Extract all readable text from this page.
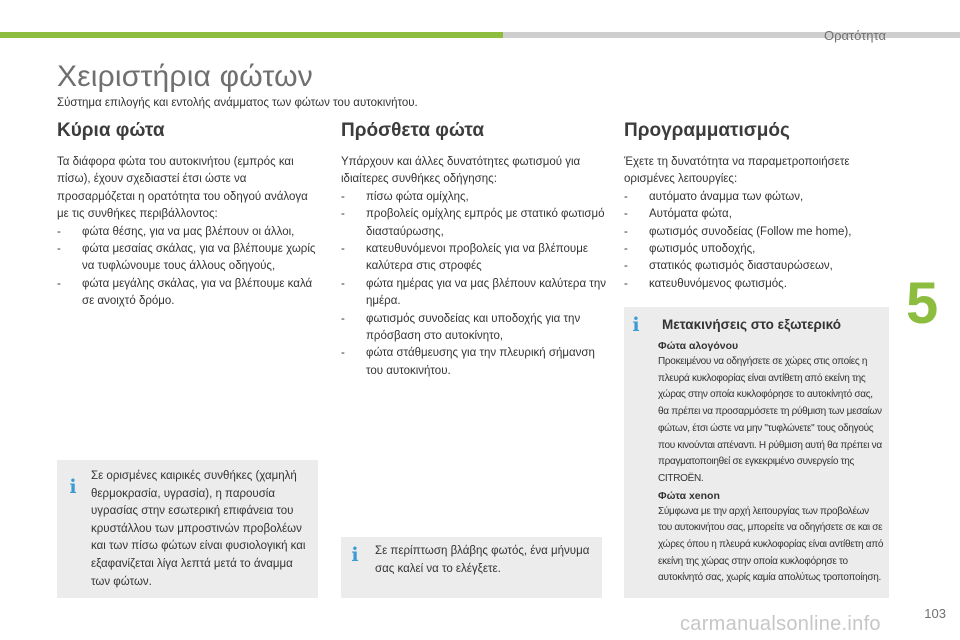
Ορατότητα
5
Χειριστήρια φώτων
Σύστημα επιλογής και εντολής ανάμματος των φώτων του αυτοκινήτου.
Κύρια φώτα

Τα διάφορα φώτα του αυτοκινήτου (εμπρός και πίσω), έχουν σχεδιαστεί έτσι ώστε να προσαρμόζεται η ορατότητα του οδηγού ανάλογα με τις συνθήκες περιβάλλοντος:

- φώτα θέσης, για να μας βλέπουν οι άλλοι,
- φώτα μεσαίας σκάλας, για να βλέπουμε χωρίς να τυφλώνουμε τους άλλους οδηγούς,
- φώτα μεγάλης σκάλας, για να βλέπουμε καλά σε ανοιχτό δρόμο.
Πρόσθετα φώτα

Υπάρχουν και άλλες δυνατότητες φωτισμού για ιδιαίτερες συνθήκες οδήγησης:

- πίσω φώτα ομίχλης,
- προβολείς ομίχλης εμπρός με στατικό φωτισμό διασταύρωσης,
- κατευθυνόμενοι προβολείς για να βλέπουμε καλύτερα στις στροφές
- φώτα ημέρας για να μας βλέπουν καλύτερα την ημέρα.
- φωτισμός συνοδείας και υποδοχής για την πρόσβαση στο αυτοκίνητο,
- φώτα στάθμευσης για την πλευρική σήμανση του αυτοκινήτου.
Προγραμματισμός

Έχετε τη δυνατότητα να παραμετροποιήσετε ορισμένες λειτουργίες:

- αυτόματο άναμμα των φώτων,
- Αυτόματα φώτα,
- φωτισμός συνοδείας (Follow me home),
- φωτισμός υποδοχής,
- στατικός φωτισμός διασταυρώσεων,
- κατευθυνόμενος φωτισμός.
i Σε ορισμένες καιρικές συνθήκες (χαμηλή θερμοκρασία, υγρασία), η παρουσία υγρασίας στην εσωτερική επιφάνεια του κρυστάλλου των μπροστινών προβολέων και των πίσω φώτων είναι φυσιολογική και εξαφανίζεται λίγα λεπτά μετά το άναμμα των φώτων.
i Σε περίπτωση βλάβης φωτός, ένα μήνυμα σας καλεί να το ελέγξετε.
i Μετακινήσεις στο εξωτερικό

Φώτα αλογόνου

Προκειμένου να οδηγήσετε σε χώρες στις οποίες η πλευρά κυκλοφορίας είναι αντίθετη από εκείνη της χώρας στην οποία κυκλοφόρησε το αυτοκίνητό σας, θα πρέπει να προσαρμόσετε τη ρύθμιση των μεσαίων φώτων, έτσι ώστε να μην "τυφλώνετε" τους οδηγούς που κινούνται απέναντι. Η ρύθμιση αυτή θα πρέπει να πραγματοποιηθεί σε εγκεκριμένο συνεργείο της CITROËN.

Φώτα xenon

Σύμφωνα με την αρχή λειτουργίας των προβολέων του αυτοκινήτου σας, μπορείτε να οδηγήσετε σε και σε χώρες όπου η πλευρά κυκλοφορίας είναι αντίθετη από εκείνη της χώρας στην οποία κυκλοφόρησε το αυτοκίνητό σας, χωρίς καμία απολύτως τροποποίηση.

103
carmanualsonline.info
